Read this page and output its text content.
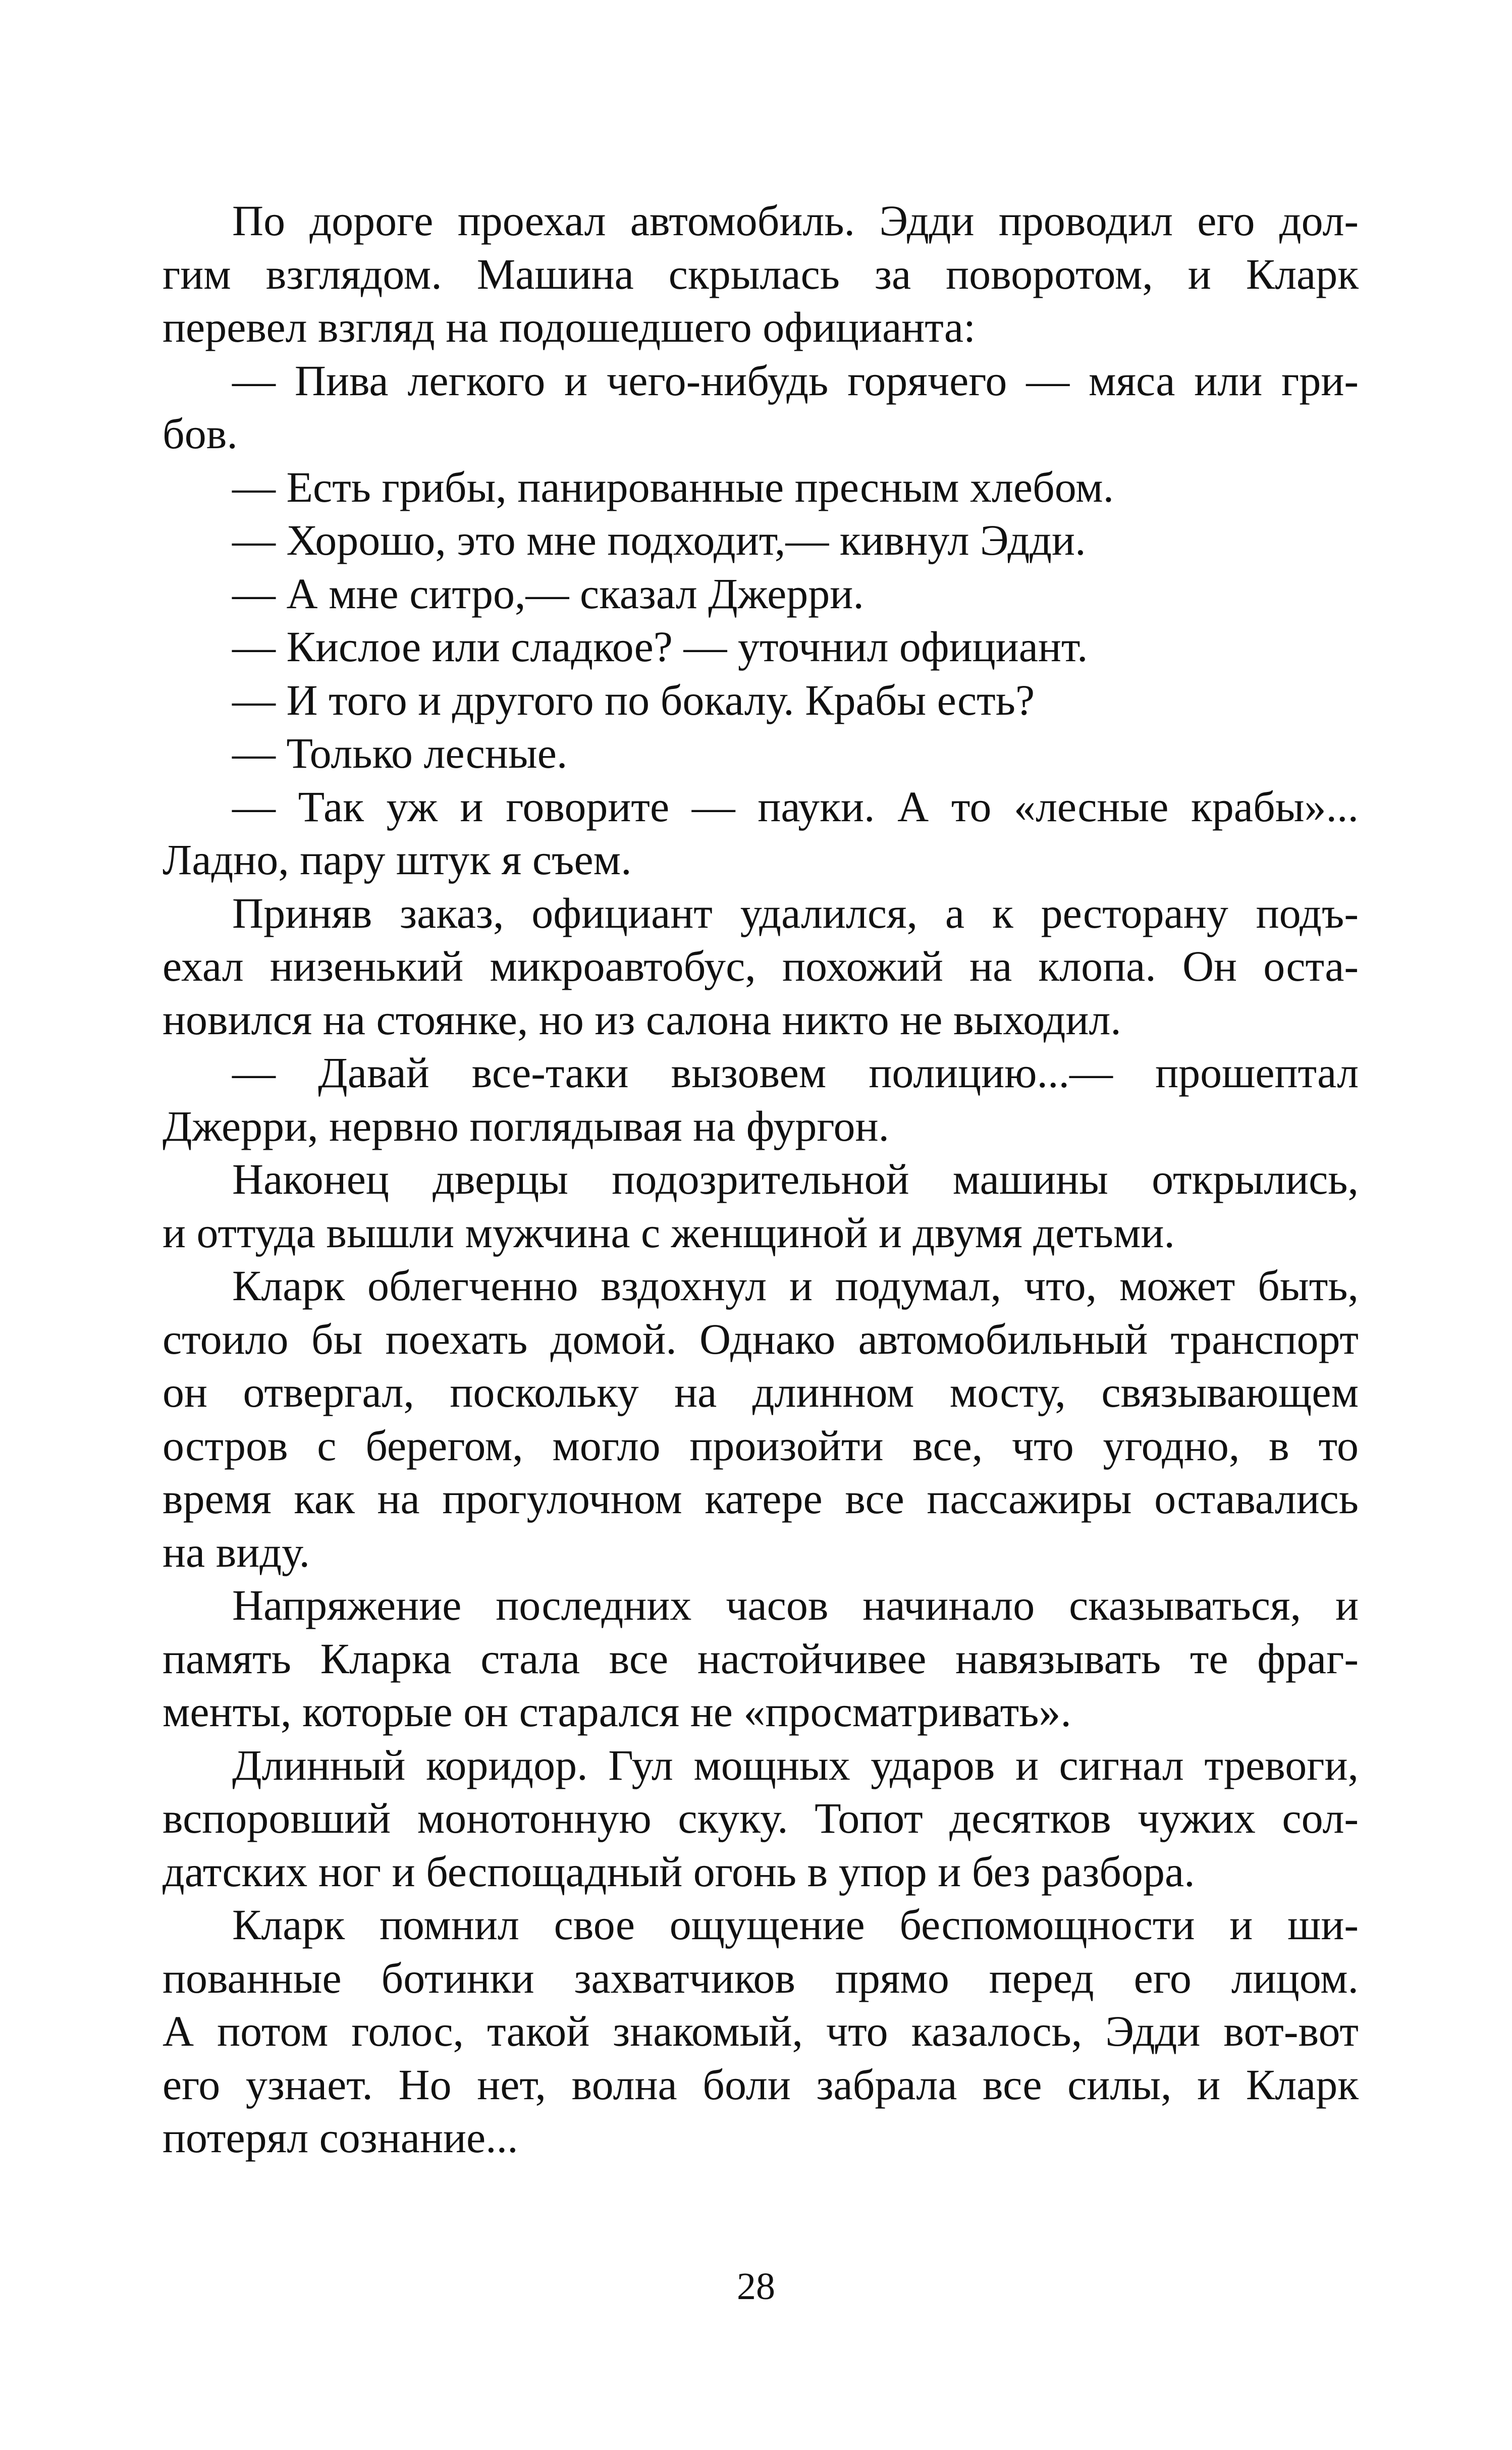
По дороге проехал автомобиль. Эдди проводил его дол-
гим взглядом. Машина скрылась за поворотом, и Кларк
перевел взгляд на подошедшего официанта:
— Пива легкого и чего-нибудь горячего — мяса или гри-
бов.
— Есть грибы, панированные пресным хлебом.
— Хорошо, это мне подходит,— кивнул Эдди.
— А мне ситро,— сказал Джерри.
— Кислое или сладкое? — уточнил официант.
— И того и другого по бокалу. Крабы есть?
— Только лесные.
— Так уж и говорите — пауки. А то «лесные крабы»...
Ладно, пару штук я съем.
Приняв заказ, официант удалился, а к ресторану подъ-
ехал низенький микроавтобус, похожий на клопа. Он оста-
новился на стоянке, но из салона никто не выходил.
— Давай все-таки вызовем полицию...— прошептал
Джерри, нервно поглядывая на фургон.
Наконец дверцы подозрительной машины открылись,
и оттуда вышли мужчина с женщиной и двумя детьми.
Кларк облегченно вздохнул и подумал, что, может быть,
стоило бы поехать домой. Однако автомобильный транспорт
он отвергал, поскольку на длинном мосту, связывающем
остров с берегом, могло произойти все, что угодно, в то
время как на прогулочном катере все пассажиры оставались
на виду.
Напряжение последних часов начинало сказываться, и
память Кларка стала все настойчивее навязывать те фраг-
менты, которые он старался не «просматривать».
Длинный коридор. Гул мощных ударов и сигнал тревоги,
вспоровший монотонную скуку. Топот десятков чужих сол-
датских ног и беспощадный огонь в упор и без разбора.
Кларк помнил свое ощущение беспомощности и ши-
пованные ботинки захватчиков прямо перед его лицом.
А потом голос, такой знакомый, что казалось, Эдди вот-вот
его узнает. Но нет, волна боли забрала все силы, и Кларк
потерял сознание...
28
